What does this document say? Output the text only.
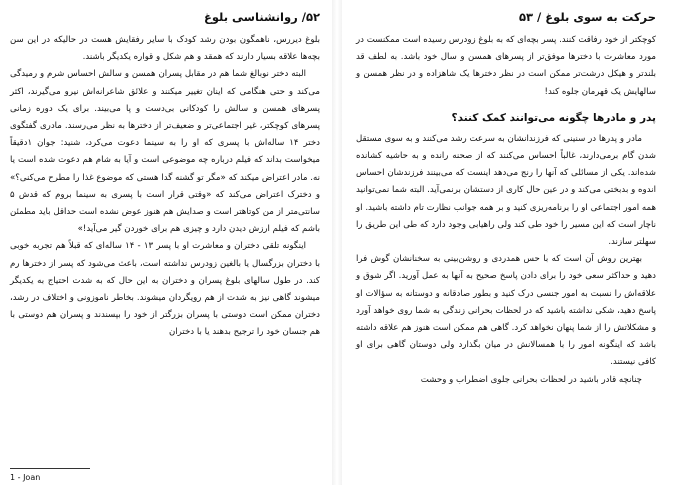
۵۲/ روانشناسی بلوغ

بلوغ دیررس، ناهمگون بودن رشد کودک با سایر رفقایش هست در حالیکه در این سن بچه‌ها علاقه بسیار دارند که همقد و هم شکل و قواره یکدیگر باشند.

البته دختر نوبالغ شما هم در مقابل پسران همسن و سالش احساس شرم و رمیدگی می‌کند و حتی هنگامی که اینان تغییر میکنند و علائق شاعرانه‌اش نیرو می‌گیرند، اکثر پسرهای همسن و سالش را کودکانی بی‌دست و پا می‌بیند. برای یک دوره زمانی پسرهای کوچکتر، غیر اجتماعی‌تر و ضعیف‌تر از دخترها به نظر می‌رسند. مادری گفتگوی دختر ۱۴ ساله‌اش با پسری که او را به سینما دعوت می‌کرد، شنید: جوان ۱دقیقاً میخواست بداند که فیلم درباره چه موضوعی است و آیا به شام هم دعوت شده است یا نه. مادر اعتراض میکند که «مگر تو گشنه گدا هستی که موضوع غذا را مطرح می‌کنی؟» و دخترک اعتراض می‌کند که «وقتی قرار است با پسری به سینما بروم که قدش ۵ سانتی‌متر از من کوتاهتر است و صدایش هم هنوز عوض نشده است حداقل باید مطمئن باشم که فیلم ارزش دیدن دارد و چیزی هم برای خوردن گیر می‌آید!»

اینگونه تلقی دختران و معاشرت او با پسر ۱۳ - ۱۴ ساله‌ای که قبلاً هم تجربه خوبی با دختران بزرگسال یا بالغین زودرس نداشته است، باعث می‌شود که پسر از دخترها رم کند. در طول سالهای بلوغ پسران و دختران به این حال که به شدت احتیاج به یکدیگر میشوند گاهی نیز به شدت از هم رویگردان میشوند. بخاطر ناموزونی و اختلاف در رشد، دختران ممکن است دوستی با پسران بزرگتر از خود را بپسندند و پسران هم دوستی با هم جنسان خود را ترجیح بدهند یا با دختران

1 - Joan
حرکت به سوی بلوغ / ۵۳

کوچکتر از خود رفاقت کنند. پسر بچه‌ای که به بلوغ زودرس رسیده است ممکنست در مورد معاشرت با دختر‌ها موفق‌تر از پسرهای همسن و سال خود باشد. به لطف قد بلندتر و هیکل درشت‌تر ممکن است در نظر دختر‌ها یک شاهزاده و در نظر همسن و سالهایش یک قهرمان جلوه کند!

پدر و مادرها چگونه می‌توانند کمک کنند؟

مادر و پدرها در سنینی که فرزندانشان به سرعت رشد می‌کنند و به سوی مستقل شدن گام برمی‌دارند، غالباً احساس می‌کنند که از صحنه رانده و به حاشیه کشانده شده‌اند. یکی از مسائلی که آنها را رنج می‌دهد اینست که می‌بینند فرزندشان احساس اندوه و بدبختی می‌کند و در عین حال کاری از دستشان برنمی‌آید. البته شما نمی‌توانید همه امور اجتماعی او را برنامه‌ریزی کنید و بر همه جوانب نظارت تام داشته باشید. او ناچار است که این مسیر را خود طی کند ولی راهیابی وجود دارد که طی این طریق را سهلتر سازند.

بهترین روش آن است که با حس همدردی و روشن‌بینی به سخنانشان گوش فرا دهید و حداکثر سعی خود را برای دادن پاسخ صحیح به آنها به عمل آورید. اگر شوق و علاقه‌اش را نسبت به امور جنسی درک کنید و بطور صادقانه و دوستانه به سؤالات او پاسخ دهید، شکی نداشته باشید که در لحظات بحرانی زندگی به شما روی خواهد آورد و مشکلاتش را از شما پنهان نخواهد کرد. گاهی هم ممکن است هنوز هم علاقه داشته باشد که اینگونه امور را با همسالانش در میان بگذارد ولی دوستان گاهی برای او کافی نیستند.

چنانچه قادر باشید در لحظات بحرانی جلوی اضطراب و وحشت
